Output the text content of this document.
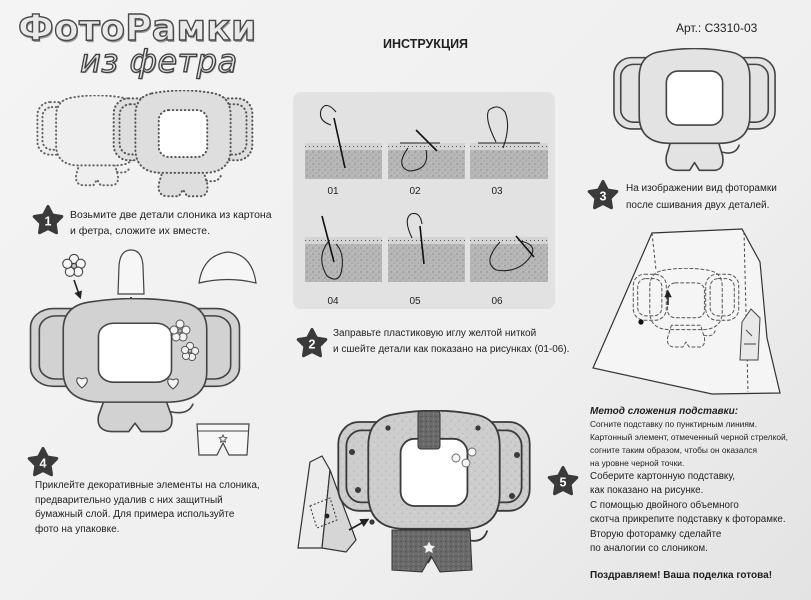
1
2
3
4
5
ФотоРамки
из фетра	ИНСТРУКЦИЯ
Арт.: С3310-03
Возьмите две детали слоника из картона
и фетра, сложите их вместе.
01	02	03
04	05	06
Заправьте пластиковую иглу желтой ниткой
и сшейте детали как показано на рисунках (01-06).
На изображении вид фоторамки
после сшивания двух деталей.
Приклейте декоративные элементы на слоника,
предварительно удалив с них защитный
бумажный слой. Для примера используйте
фото на упаковке.
Метод сложения подставки:
Согните подставку по пунктирным линиям.
Картонный элемент, отмеченный черной стрелкой,
согните таким образом, чтобы он оказался
на уровне черной точки.
Соберите картонную подставку,
как показано на рисунке.
С помощью двойного объемного
скотча прикрепите подставку к фоторамке.
Вторую фоторамку сделайте
по аналогии со слоником.
Поздравляем! Ваша поделка готова!
